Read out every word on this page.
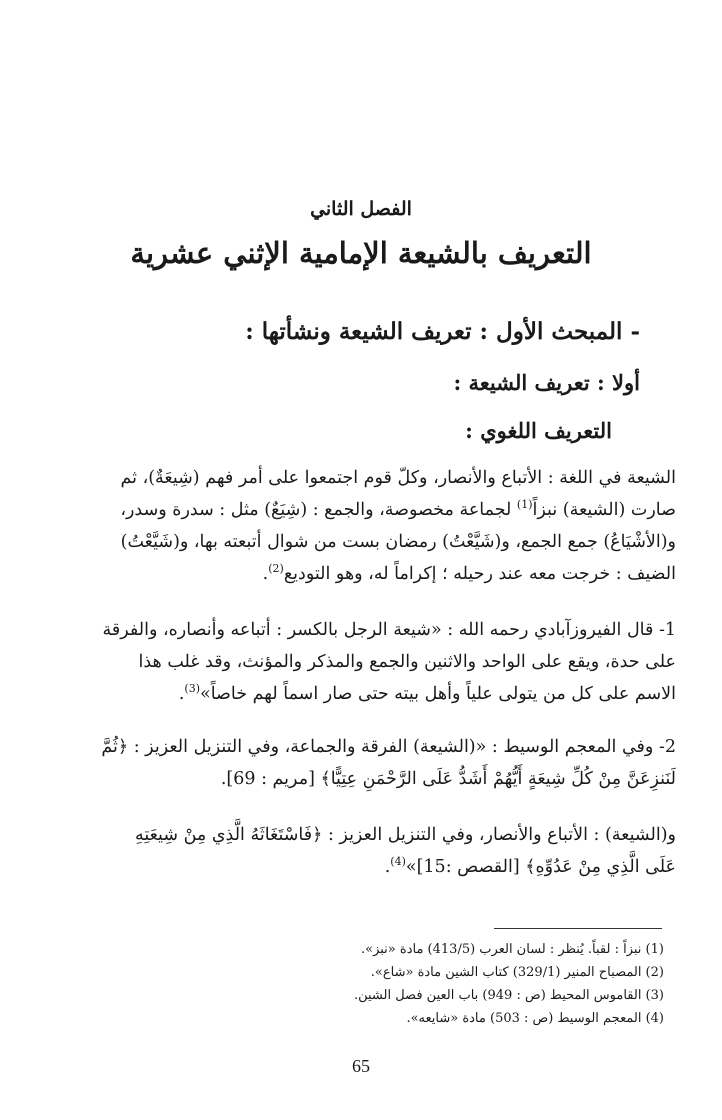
الفصل الثاني

التعريف بالشيعة الإمامية الإثني عشرية
- المبحث الأول : تعريف الشيعة ونشأتها :
أولا : تعريف الشيعة :
التعريف اللغوي :
الشيعة في اللغة : الأتباع والأنصار، وكلّ قوم اجتمعوا على أمر فهم (شِيعَةٌ)، ثم
صارت (الشيعة) نبزاً$^{(1)}$ لجماعة مخصوصة، والجمع : (شِيَعٌ) مثل : سدرة وسدر،
و(الأشْيَاعُ) جمع الجمع، و(شَيَّعْتُ) رمضان بست من شوال أتبعته بها، و(شَيَّعْتُ)
الضيف : خرجت معه عند رحيله ؛ إكراماً له، وهو التوديع$^{(2)}$.
1- قال الفيروزآبادي رحمه الله : «شيعة الرجل بالكسر : أتباعه وأنصاره، والفرقة
على حدة، ويقع على الواحد والاثنين والجمع والمذكر والمؤنث، وقد غلب هذا
الاسم على كل من يتولى علياً وأهل بيته حتى صار اسماً لهم خاصاً»$^{(3)}$.
2- وفي المعجم الوسيط : «(الشيعة) الفرقة والجماعة، وفي التنزيل العزيز : ﴿ثُمَّ
لَنَنزِعَنَّ مِنْ كُلِّ شِيعَةٍ أَيُّهُمْ أَشَدُّ عَلَى الرَّحْمَنِ عِتِيًّا﴾ [مريم : 69].
و(الشيعة) : الأتباع والأنصار، وفي التنزيل العزيز : ﴿فَاسْتَغَاثَهُ الَّذِي مِنْ شِيعَتِهِ
عَلَى الَّذِي مِنْ عَدُوِّهِ﴾ [القصص :15]»$^{(4)}$.
(1) نبزاً : لقباً. يُنظر : لسان العرب (413/5) مادة «نبز».
(2) المصباح المنير (329/1) كتاب الشين مادة «شاع».
(3) القاموس المحيط (ص : 949) باب العين فصل الشين.
(4) المعجم الوسيط (ص : 503) مادة «شايعه».
65
